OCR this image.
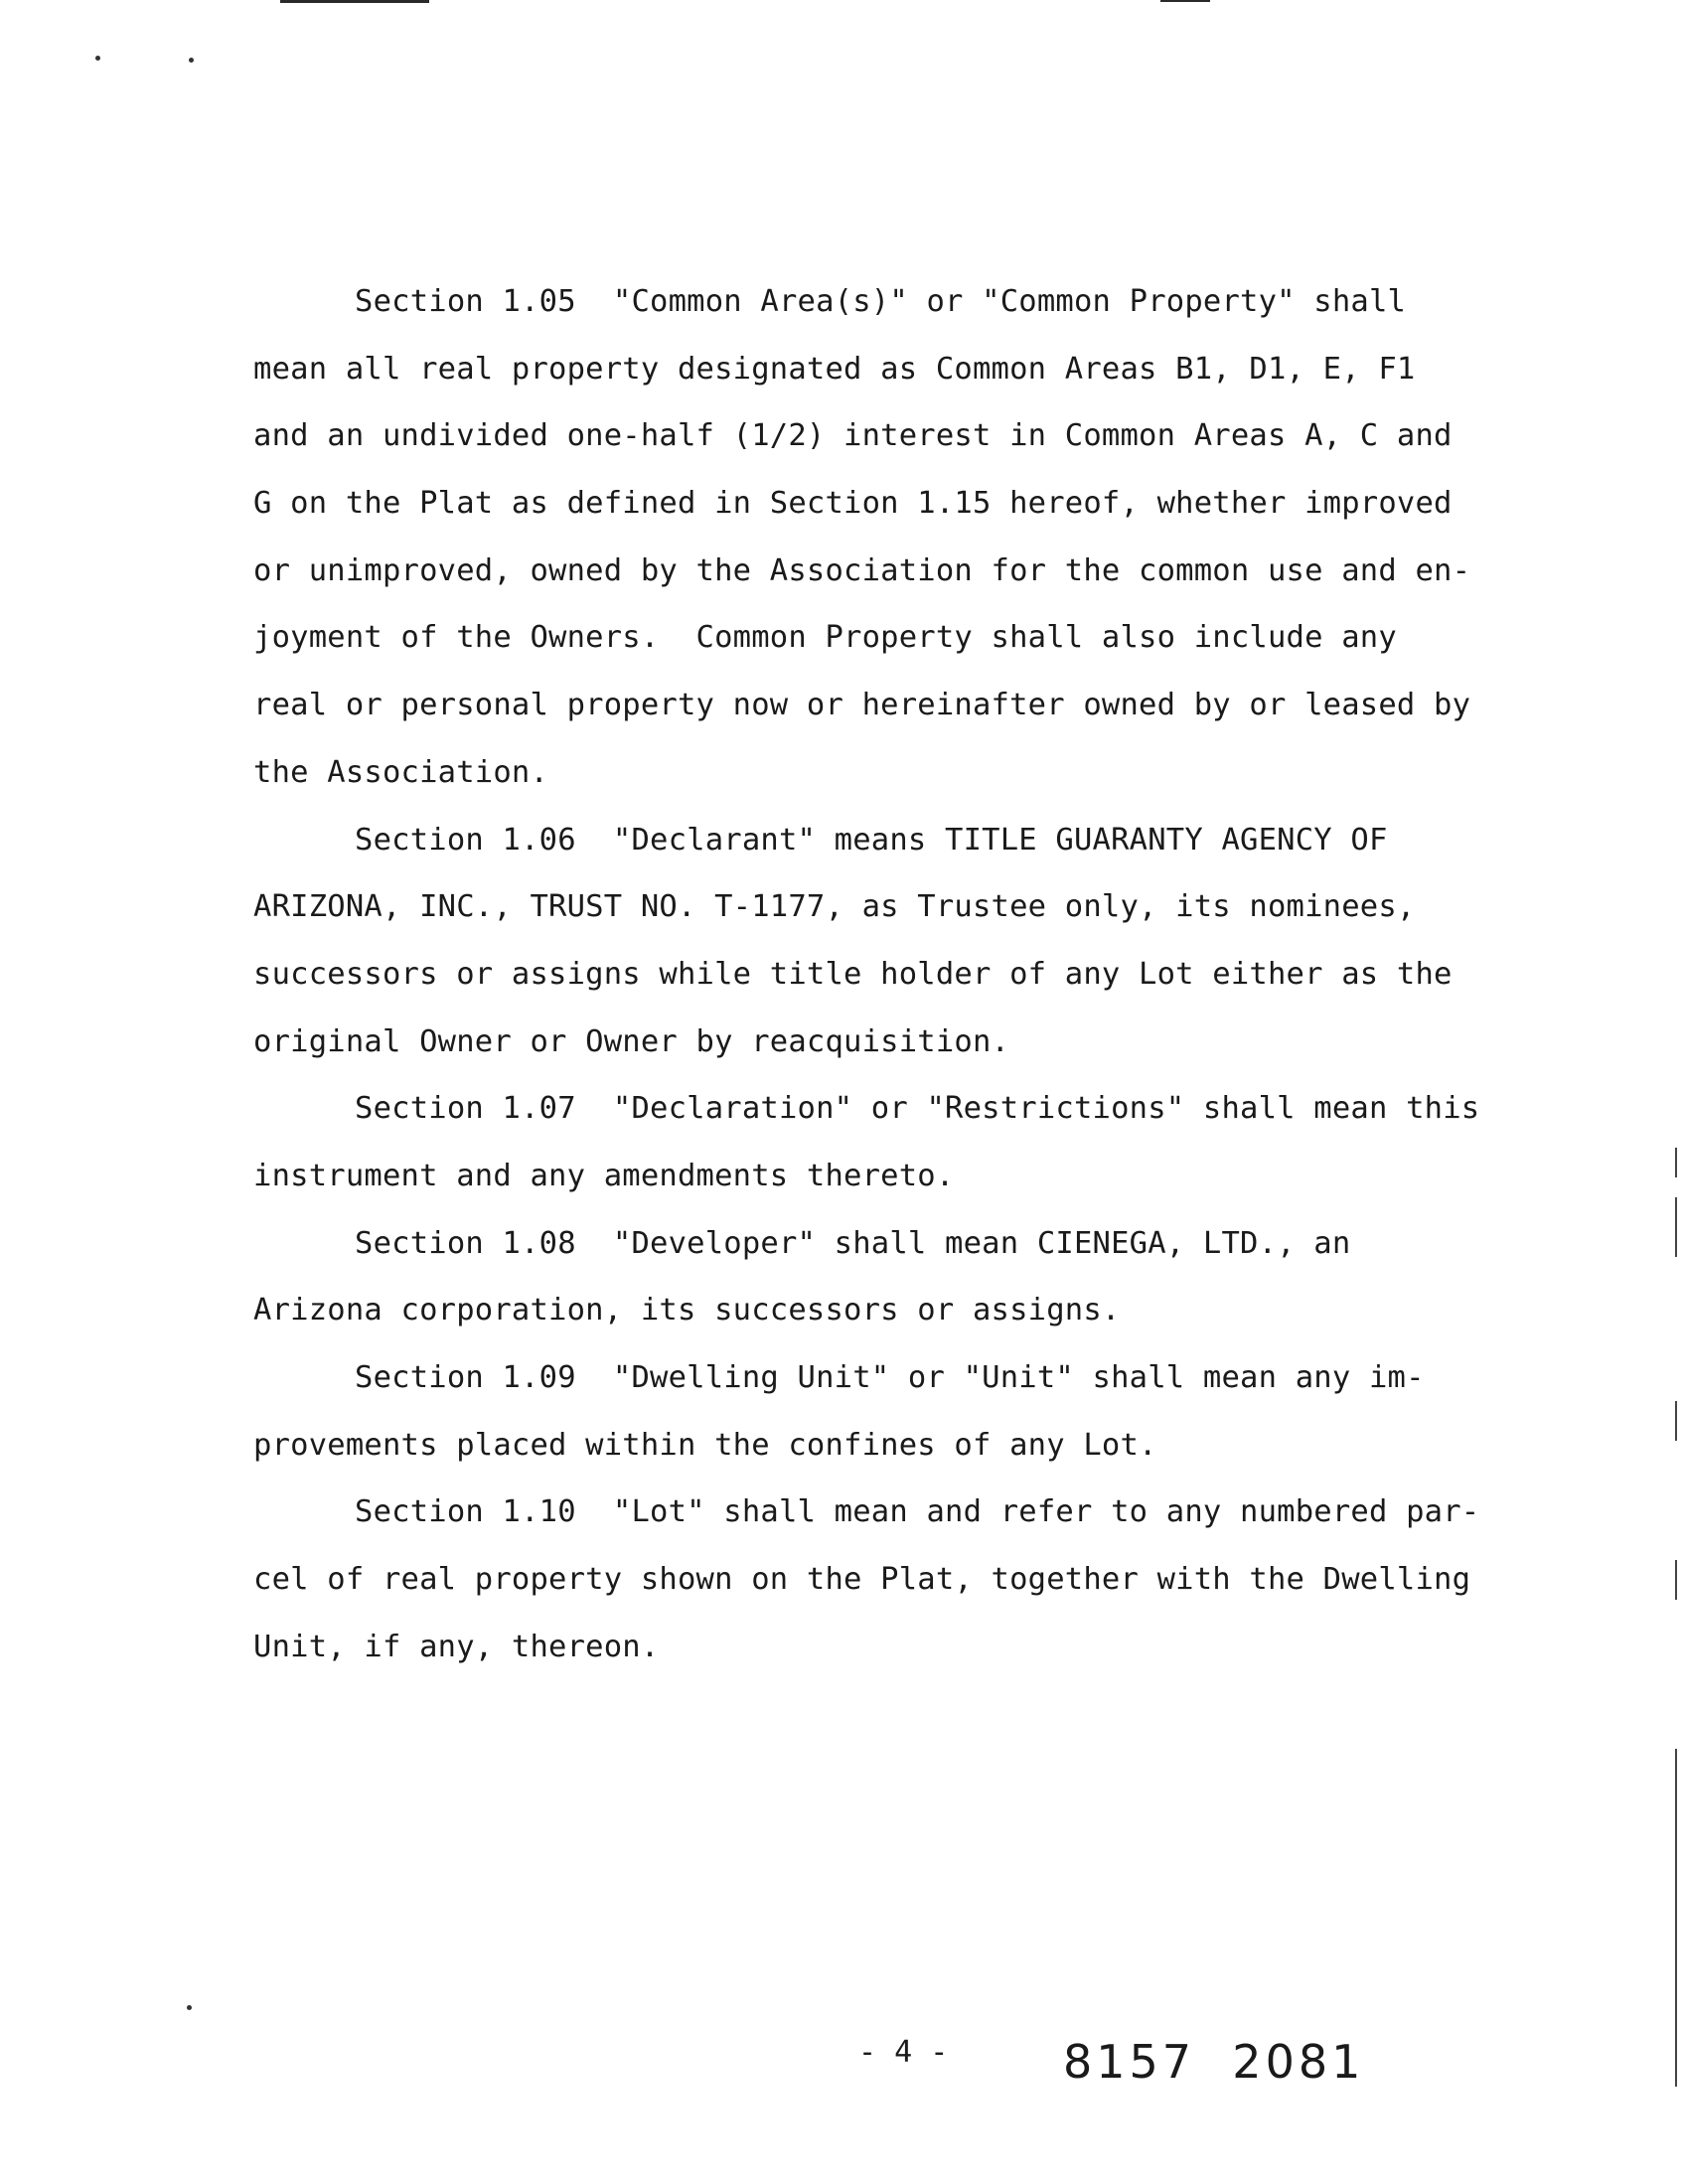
Section 1.05  "Common Area(s)" or "Common Property" shall
mean all real property designated as Common Areas B1, D1, E, F1
and an undivided one-half (1/2) interest in Common Areas A, C and
G on the Plat as defined in Section 1.15 hereof, whether improved
or unimproved, owned by the Association for the common use and en-
joyment of the Owners.  Common Property shall also include any
real or personal property now or hereinafter owned by or leased by
the Association.
Section 1.06  "Declarant" means TITLE GUARANTY AGENCY OF
ARIZONA, INC., TRUST NO. T-1177, as Trustee only, its nominees,
successors or assigns while title holder of any Lot either as the
original Owner or Owner by reacquisition.
Section 1.07  "Declaration" or "Restrictions" shall mean this
instrument and any amendments thereto.
Section 1.08  "Developer" shall mean CIENEGA, LTD., an
Arizona corporation, its successors or assigns.
Section 1.09  "Dwelling Unit" or "Unit" shall mean any im-
provements placed within the confines of any Lot.
Section 1.10  "Lot" shall mean and refer to any numbered par-
cel of real property shown on the Plat, together with the Dwelling
Unit, if any, thereon.
- 4 -	8157  2081
